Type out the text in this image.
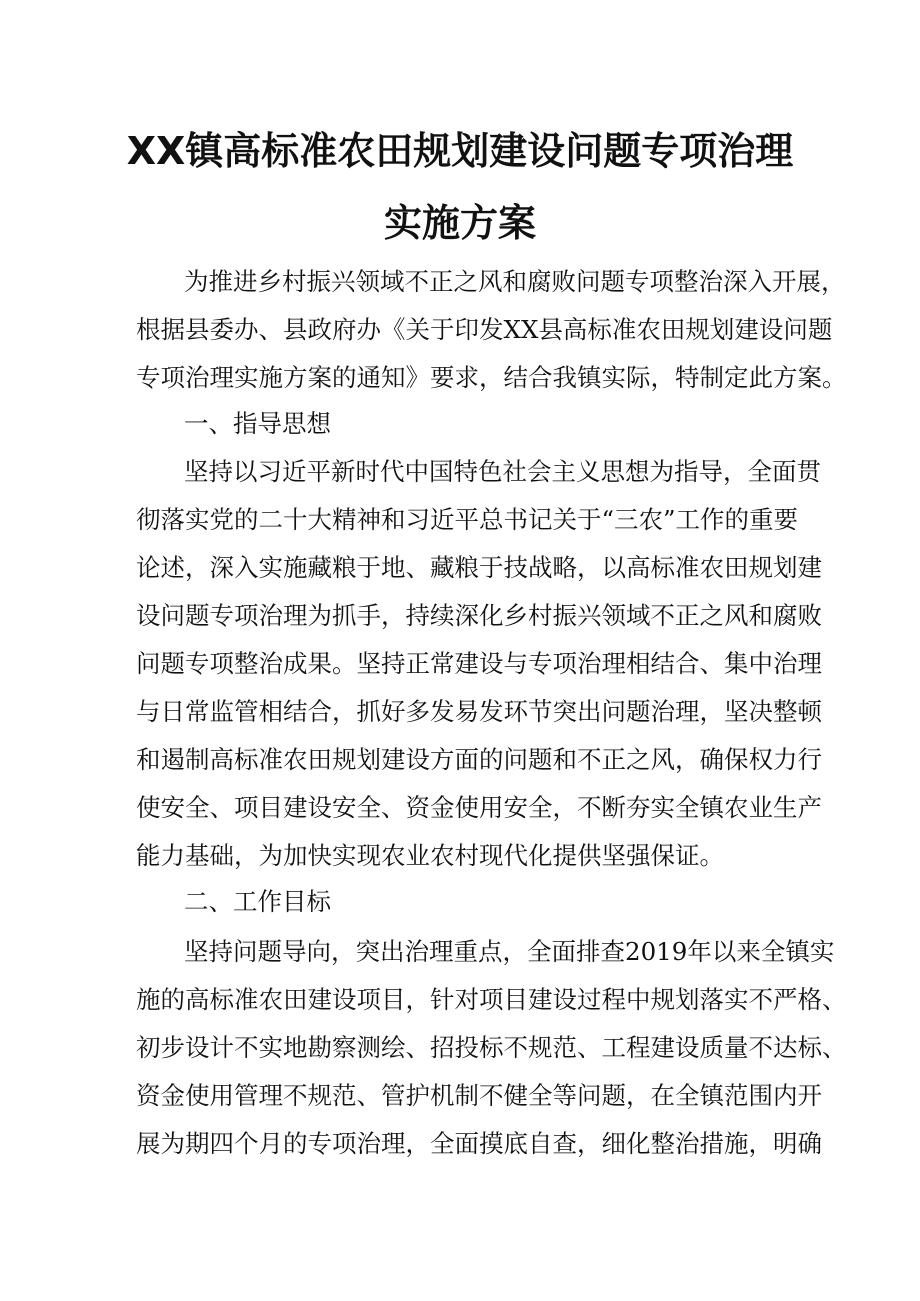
XX镇高标准农田规划建设问题专项治理
实施方案
为推进乡村振兴领域不正之风和腐败问题专项整治深入开展，
根据县委办、县政府办《关于印发XX县高标准农田规划建设问题
专项治理实施方案的通知》要求，结合我镇实际，特制定此方案。
一、指导思想
坚持以习近平新时代中国特色社会主义思想为指导，全面贯
彻落实党的二十大精神和习近平总书记关于“三农”工作的重要
论述，深入实施藏粮于地、藏粮于技战略，以高标准农田规划建
设问题专项治理为抓手，持续深化乡村振兴领域不正之风和腐败
问题专项整治成果。坚持正常建设与专项治理相结合、集中治理
与日常监管相结合，抓好多发易发环节突出问题治理，坚决整顿
和遏制高标准农田规划建设方面的问题和不正之风，确保权力行
使安全、项目建设安全、资金使用安全，不断夯实全镇农业生产
能力基础，为加快实现农业农村现代化提供坚强保证。
二、工作目标
坚持问题导向，突出治理重点，全面排查2019年以来全镇实
施的高标准农田建设项目，针对项目建设过程中规划落实不严格、
初步设计不实地勘察测绘、招投标不规范、工程建设质量不达标、
资金使用管理不规范、管护机制不健全等问题，在全镇范围内开
展为期四个月的专项治理，全面摸底自查，细化整治措施，明确
